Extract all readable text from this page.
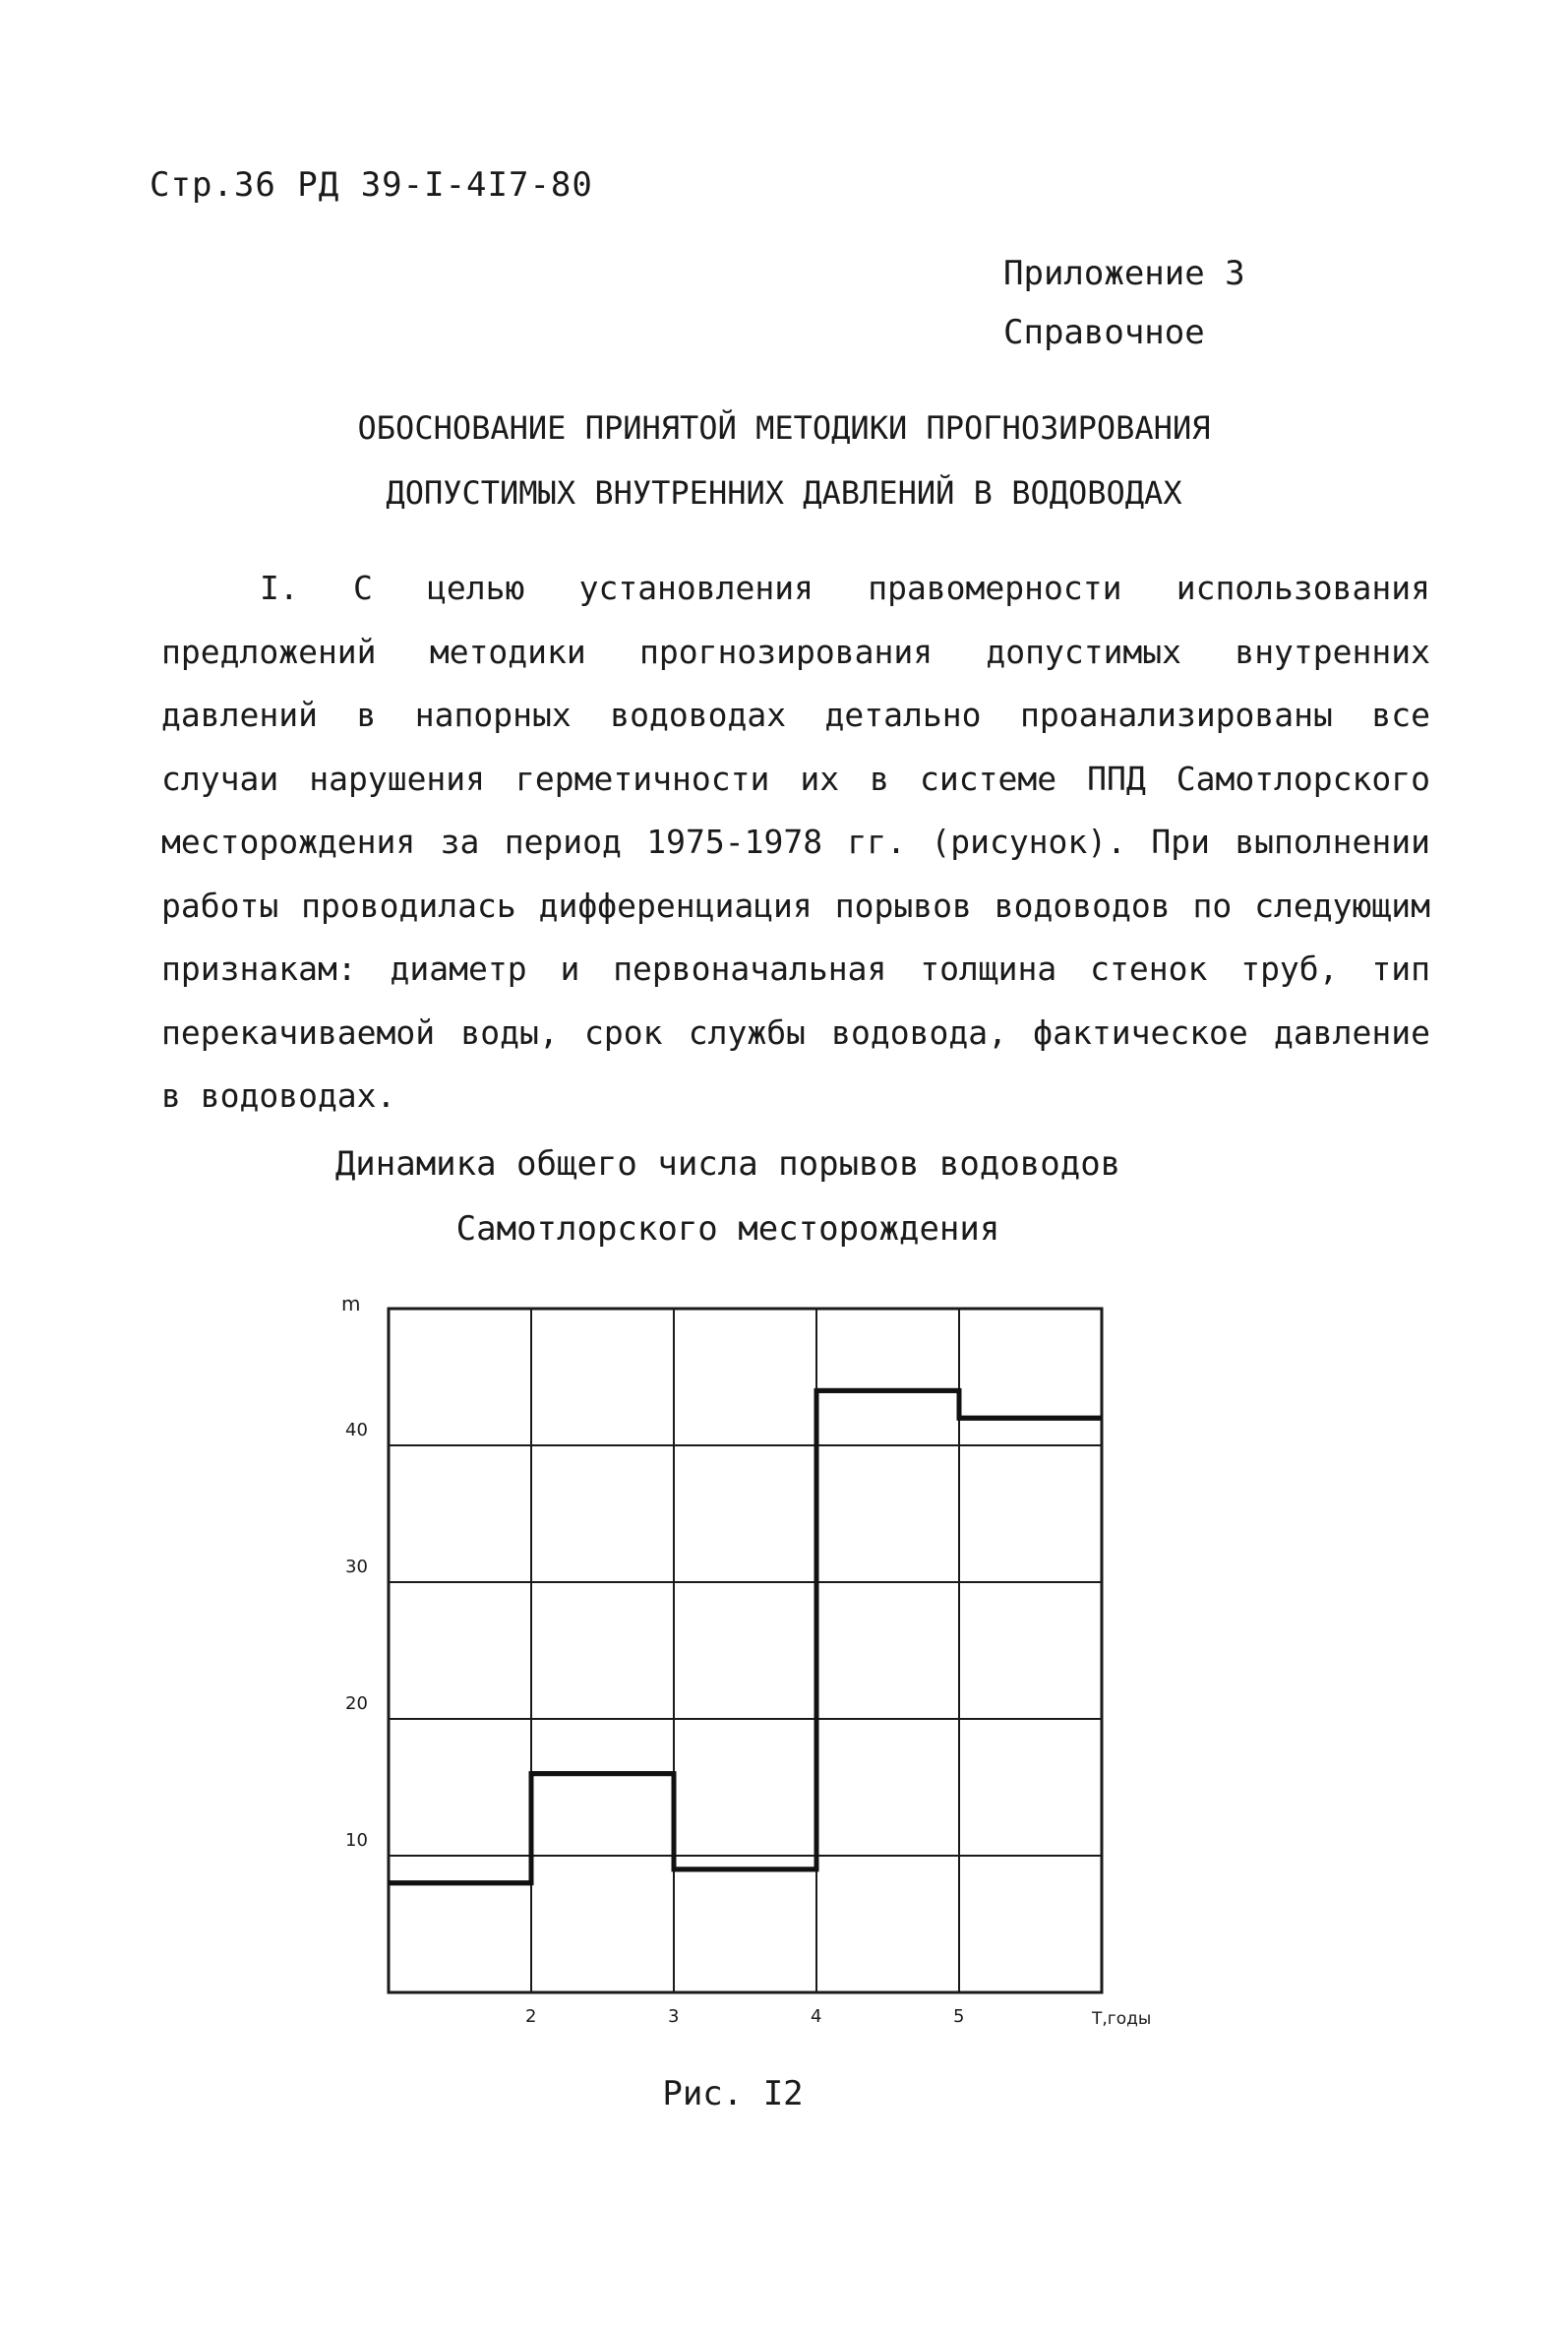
Стр.36 РД 39-I-4I7-80
Приложение 3
Справочное
ОБОСНОВАНИЕ ПРИНЯТОЙ МЕТОДИКИ ПРОГНОЗИРОВАНИЯ
ДОПУСТИМЫХ ВНУТРЕННИХ ДАВЛЕНИЙ В ВОДОВОДАХ

I. С целью установления правомерности использования предложений методики прогнозирования допустимых внутренних давлений в напорных водоводах детально проанализированы все случаи нарушения герметичности их в системе ППД Самотлорского месторождения за период 1975-1978 гг. (рисунок). При выполнении работы проводилась дифференциация порывов водоводов по следующим признакам: диаметр и первоначальная толщина стенок труб, тип перекачиваемой воды, срок службы водовода, фактическое давление в водоводах.

Динамика общего числа порывов водоводов
Самотлорского месторождения
10
20
30
40
2	3	4	5
m
T,годы
Рис. I2
